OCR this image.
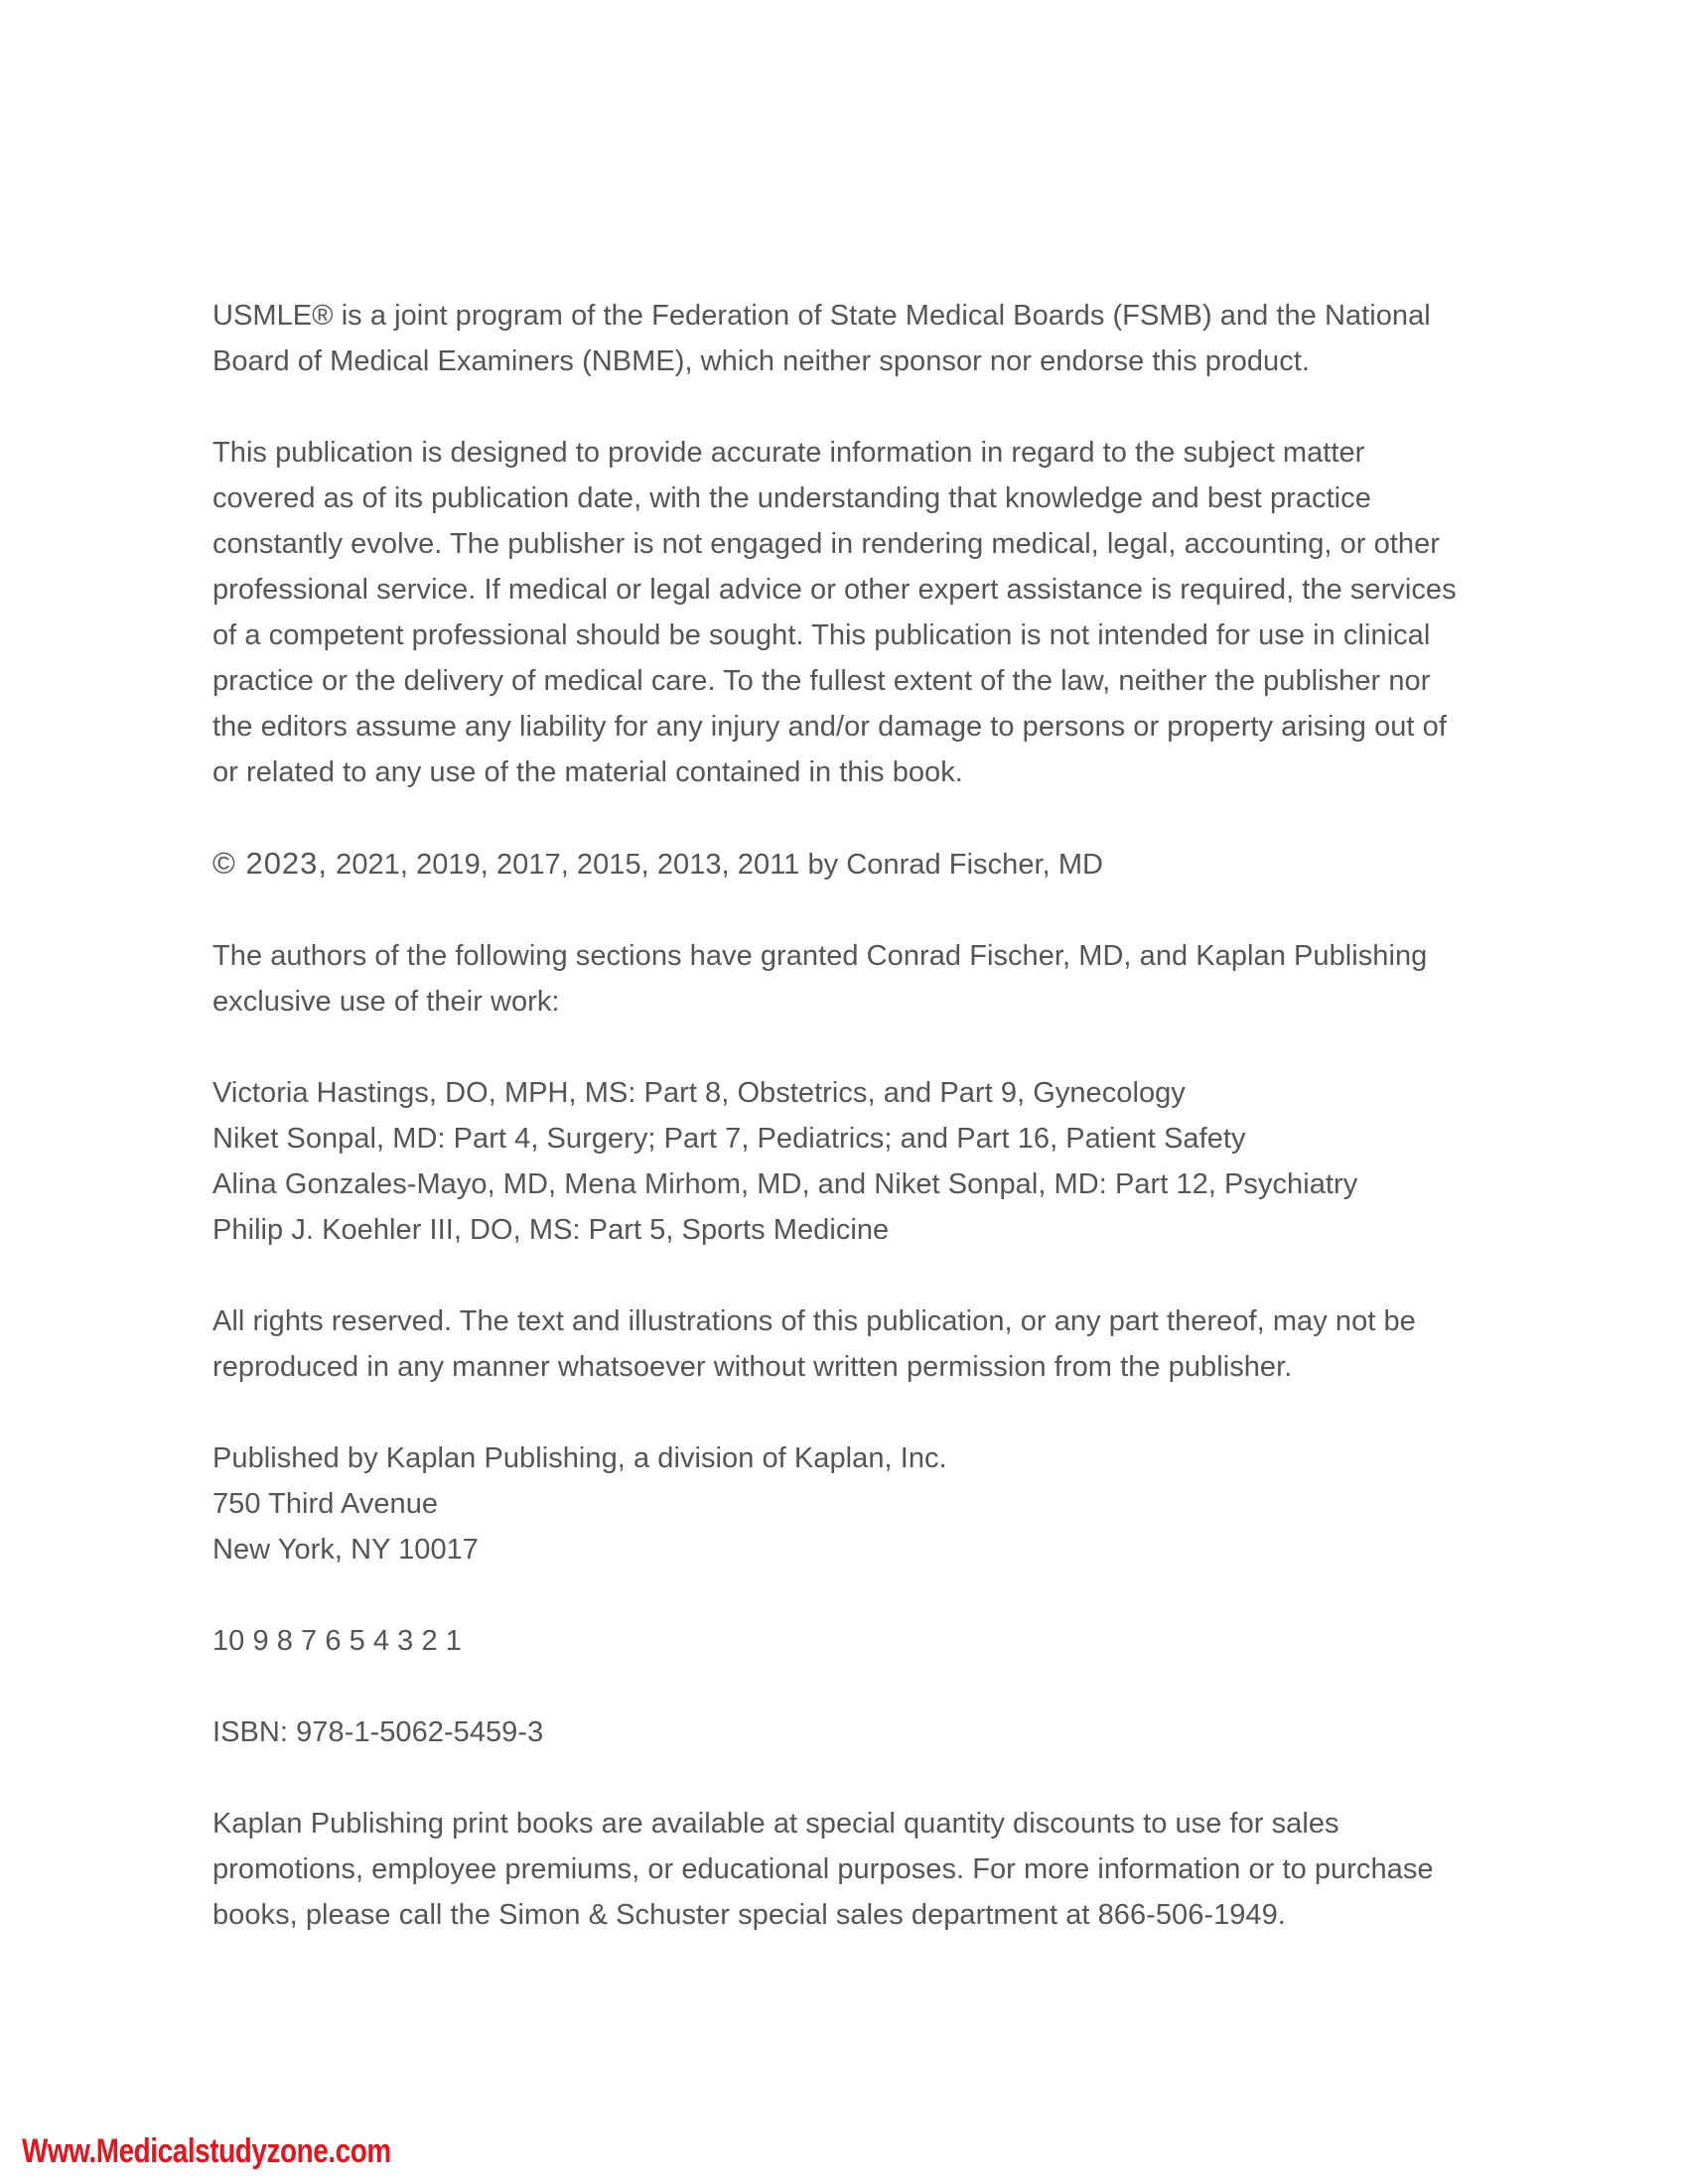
USMLE® is a joint program of the Federation of State Medical Boards (FSMB) and the National
Board of Medical Examiners (NBME), which neither sponsor nor endorse this product.

This publication is designed to provide accurate information in regard to the subject matter
covered as of its publication date, with the understanding that knowledge and best practice
constantly evolve. The publisher is not engaged in rendering medical, legal, accounting, or other
professional service. If medical or legal advice or other expert assistance is required, the services
of a competent professional should be sought. This publication is not intended for use in clinical
practice or the delivery of medical care. To the fullest extent of the law, neither the publisher nor
the editors assume any liability for any injury and/or damage to persons or property arising out of
or related to any use of the material contained in this book.

© 2023, 2021, 2019, 2017, 2015, 2013, 2011 by Conrad Fischer, MD

The authors of the following sections have granted Conrad Fischer, MD, and Kaplan Publishing
exclusive use of their work:

Victoria Hastings, DO, MPH, MS: Part 8, Obstetrics, and Part 9, Gynecology
Niket Sonpal, MD: Part 4, Surgery; Part 7, Pediatrics; and Part 16, Patient Safety
Alina Gonzales-Mayo, MD, Mena Mirhom, MD, and Niket Sonpal, MD: Part 12, Psychiatry
Philip J. Koehler III, DO, MS: Part 5, Sports Medicine

All rights reserved. The text and illustrations of this publication, or any part thereof, may not be
reproduced in any manner whatsoever without written permission from the publisher.

Published by Kaplan Publishing, a division of Kaplan, Inc.
750 Third Avenue
New York, NY 10017

10 9 8 7 6 5 4 3 2 1

ISBN: 978-1-5062-5459-3

Kaplan Publishing print books are available at special quantity discounts to use for sales
promotions, employee premiums, or educational purposes. For more information or to purchase
books, please call the Simon & Schuster special sales department at 866-506-1949.

Www.Medicalstudyzone.com
